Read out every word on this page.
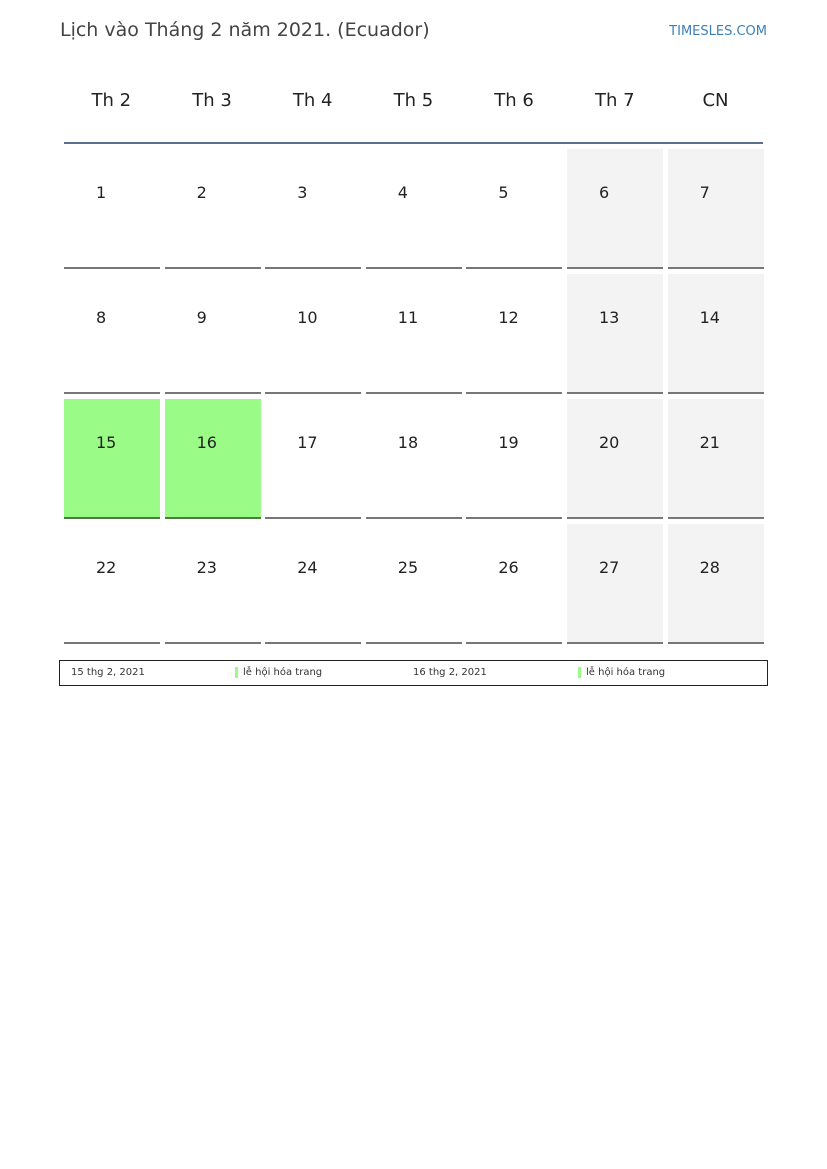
Lịch vào Tháng 2 năm 2021. (Ecuador)	TIMESLES.COM
Th 2	Th 3	Th 4	Th 5	Th 6	Th 7	CN
1	2	3	4	5	6	7
8	9	10	11	12	13	14
15	16	17	18	19	20	21
22	23	24	25	26	27	28
15 thg 2, 2021	lễ hội hóa trang	16 thg 2, 2021	lễ hội hóa trang
